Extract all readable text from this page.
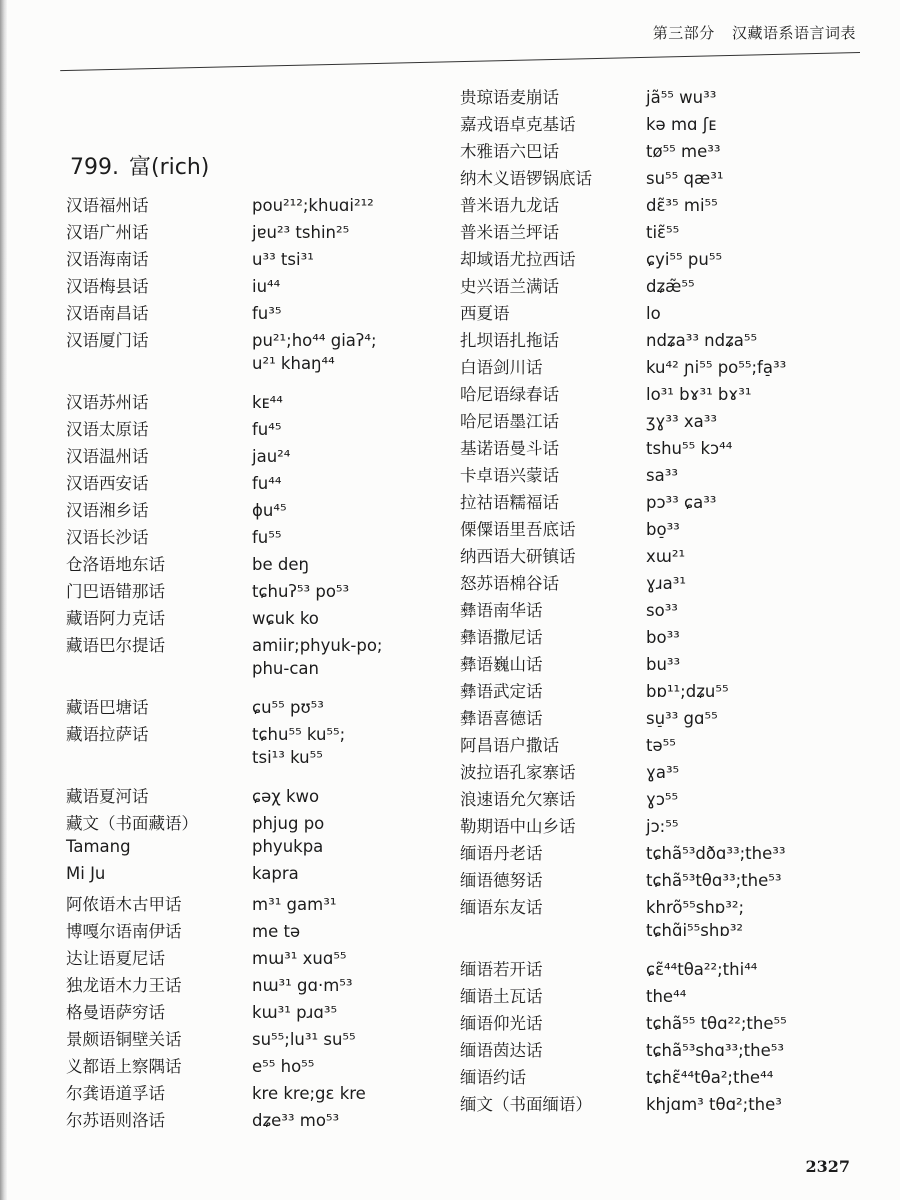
第三部分 汉藏语系语言词表
799. 富(rich)
汉语福州话	pou²¹²;khuɑi²¹²
汉语广州话	jɐu²³ tshin²⁵
汉语海南话	u³³ tsi³¹
汉语梅县话	iu⁴⁴
汉语南昌话	fu³⁵
汉语厦门话	pu²¹;ho⁴⁴ giaʔ⁴;
u²¹ khaŋ⁴⁴
汉语苏州话	kᴇ⁴⁴
汉语太原话	fu⁴⁵
汉语温州话	jau²⁴
汉语西安话	fu⁴⁴
汉语湘乡话	ɸu⁴⁵
汉语长沙话	fu⁵⁵
仓洛语地东话	be deŋ
门巴语错那话	tɕhuʔ⁵³ po⁵³
藏语阿力克话	wɕuk ko
藏语巴尔提话	amiir;phyuk-po;
phu-can
藏语巴塘话	ɕu⁵⁵ pʊ⁵³
藏语拉萨话	tɕhu⁵⁵ ku⁵⁵;
tsi¹³ ku⁵⁵
藏语夏河话	ɕəχ kwo
藏文（书面藏语）	phjug po
Tamang	phyukpa
Mi Ju	kapra
阿侬语木古甲话	m³¹ gam³¹
博嘎尔语南伊话	me tə
达让语夏尼话	mɯ³¹ xuɑ⁵⁵
独龙语木力王话	nɯ³¹ gɑ·m⁵³
格曼语萨穷话	kɯ³¹ pɹɑ³⁵
景颇语铜壁关话	su⁵⁵;lu³¹ su⁵⁵
义都语上察隅话	e⁵⁵ ho⁵⁵
尔龚语道孚话	kre kre;gɛ kre
尔苏语则洛话	dʑe³³ mo⁵³
贵琼语麦崩话	jã⁵⁵ wu³³
嘉戎语卓克基话	kə mɑ ʃᴇ
木雅语六巴话	tø⁵⁵ me³³
纳木义语锣锅底话	su⁵⁵ qæ³¹
普米语九龙话	dɛ̃³⁵ mi⁵⁵
普米语兰坪话	tiɛ̃⁵⁵
却域语尤拉西话	ɕyi⁵⁵ pu⁵⁵
史兴语兰满话	dʑæ̃⁵⁵
西夏语	lo
扎坝语扎拖话	ndʑa³³ ndʑa⁵⁵
白语剑川话	ku⁴² ɲi⁵⁵ po⁵⁵;fa̠³³
哈尼语绿春话	lo³¹ bɤ³¹ bɤ³¹
哈尼语墨江话	ʒɣ³³ xa³³
基诺语曼斗话	tshu⁵⁵ kɔ⁴⁴
卡卓语兴蒙话	sa³³
拉祜语糯福话	pɔ³³ ɕa³³
傈僳语里吾底话	bo̠³³
纳西语大研镇话	xɯ²¹
怒苏语棉谷话	ɣɹa³¹
彝语南华话	so³³
彝语撒尼话	bo³³
彝语巍山话	bu³³
彝语武定话	bɒ¹¹;dʑu⁵⁵
彝语喜德话	su̠³³ gɑ⁵⁵
阿昌语户撒话	tə⁵⁵
波拉语孔家寨话	ɣa³⁵
浪速语允欠寨话	ɣɔ⁵⁵
勒期语中山乡话	jɔ:⁵⁵
缅语丹老话	tɕhã⁵³dðɑ³³;the³³
缅语德努话	tɕhã⁵³tθɑ³³;the⁵³
缅语东友话	khrõ⁵⁵shɒ³²;
tɕhɑ̃i⁵⁵shɒ³²
缅语若开话	ɕɛ̃⁴⁴tθa²²;thi⁴⁴
缅语土瓦话	the⁴⁴
缅语仰光话	tɕhã⁵⁵ tθɑ²²;the⁵⁵
缅语茵达话	tɕhã⁵³shɑ³³;the⁵³
缅语约话	tɕhɛ̃⁴⁴tθa²;the⁴⁴
缅文（书面缅语）	khjɑm³ tθɑ²;the³
2327
